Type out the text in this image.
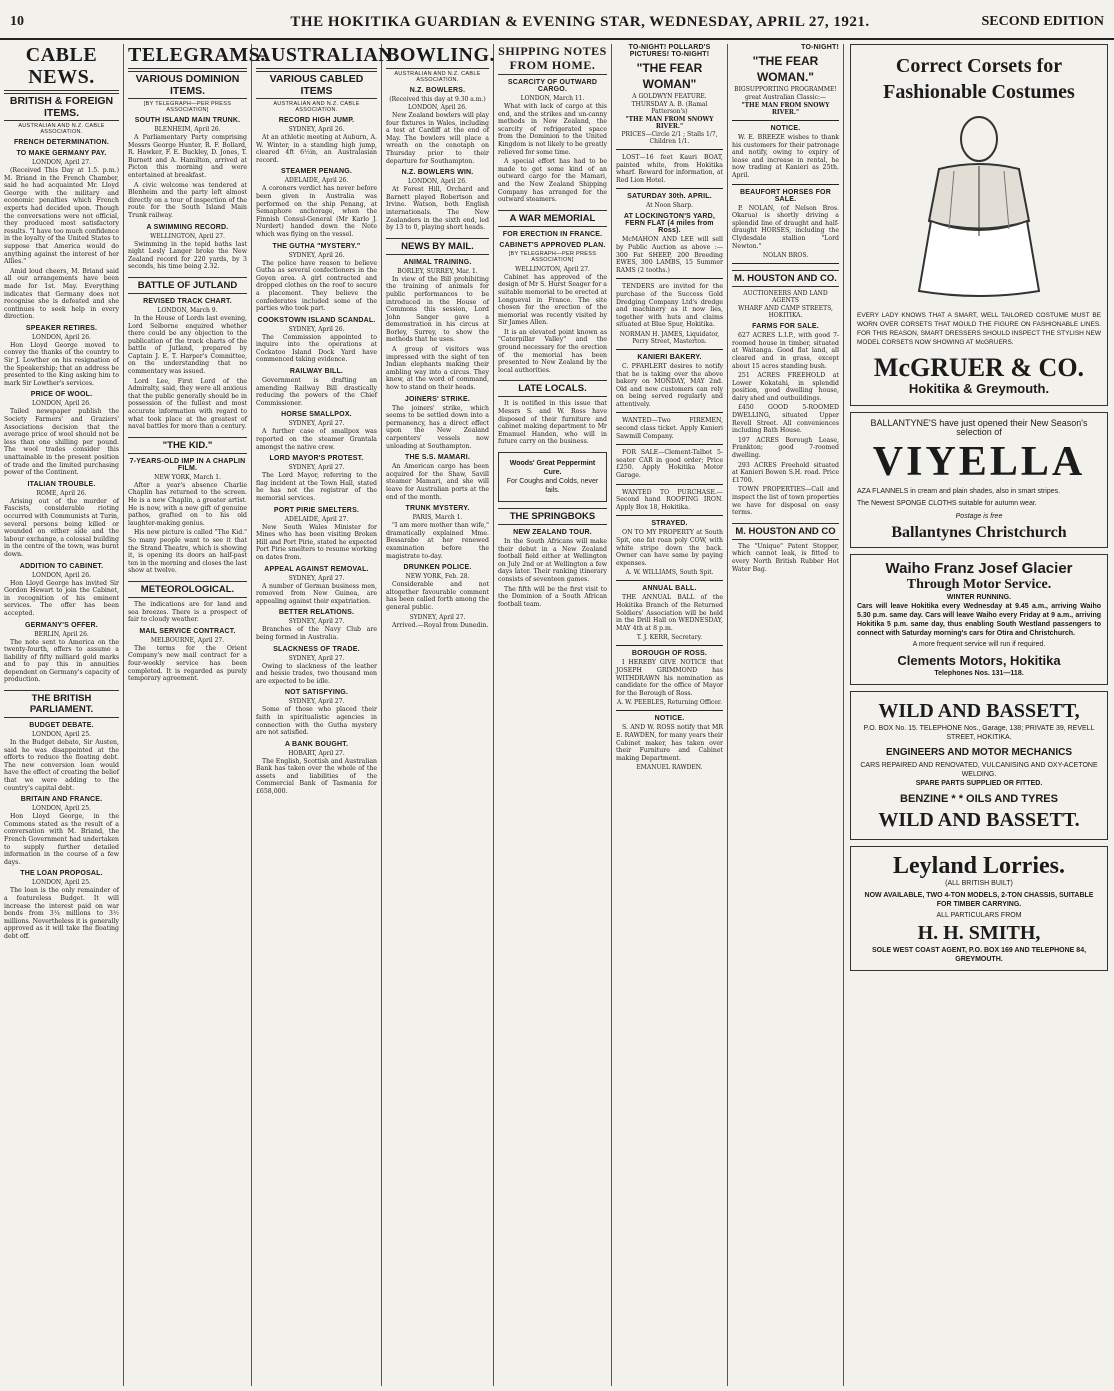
10	THE HOKITIKA GUARDIAN & EVENING STAR, WEDNESDAY, APRIL 27, 1921.	SECOND EDITION
CABLE NEWS.
BRITISH & FOREIGN ITEMS.
AUSTRALIAN AND N.Z. CABLE ASSOCIATION.
FRENCH DETERMINATION.
TO MAKE GERMANY PAY.
LONDON, April 27.

(Received This Day at 1.5. p.m.) M. Briand in the French Chamber, said he had acquainted Mr. Lloyd George with the military and economic penalties which French experts had decided upon. Though the conversations were not official, they produced most satisfactory results. "I have too much confidence in the loyalty of the United States to suppose that America would do anything against the interest of her Allies."

Amid loud cheers, M. Briand said all our arrangements have been made for 1st. May. Everything indicates that Germany does not recognise she is defeated and she continues to seek help in every direction.

SPEAKER RETIRES.
LONDON, April 26.

Hon Lloyd George moved to convey the thanks of the country to Sir J. Lowther on his resignation of the Speakership; that an address be presented to the King asking him to mark Sir Lowther's services.

PRICE OF WOOL.
LONDON, April 26.

Tailed newspaper publish the Society Farmers' and Graziers' Associations decision that the average price of wool should not be less than one shilling per pound. The wool trades consider this unattainable in the present position of trade and the limited purchasing power of the Continent.

ITALIAN TROUBLE.
ROME, April 26.

Arising out of the murder of Fascists, considerable rioting occurred with Communists at Turin, several persons being killed or wounded on either side and the labour exchange, a colossal building in the centre of the town, was burnt down.

ADDITION TO CABINET.
LONDON, April 26.

Hon Lloyd George has invited Sir Gordon Hewart to join the Cabinet, in recognition of his eminent services. The offer has been accepted.

GERMANY'S OFFER.
BERLIN, April 26.

The note sent to America on the twenty-fourth, offers to assume a liability of fifty milliard gold marks and to pay this in annuities dependent on Germany's capacity of production.

THE BRITISH PARLIAMENT.
BUDGET DEBATE.
LONDON, April 25.

In the Budget debate, Sir Austen, said he was disappointed at the efforts to reduce the floating debt. The new conversion loan would have the effect of creating the belief that we were adding to the country's capital debt.

BRITAIN AND FRANCE.
LONDON, April 25.

Hon Lloyd George, in the Commons stated as the result of a conversation with M. Briand, the French Government had undertaken to supply further detailed information in the course of a few days.

THE LOAN PROPOSAL.
LONDON, April 25.

The loan is the only remainder of a featureless Budget. It will increase the interest paid on war bonds from 3¼ millions to 3½ millions. Nevertheless it is generally approved as it will take the floating debt off.

TELEGRAMS.
VARIOUS DOMINION ITEMS.
[BY TELEGRAPH—PER PRESS ASSOCIATION]
SOUTH ISLAND MAIN TRUNK.
BLENHEIM, April 26.

A Parliamentary Party comprising Messrs George Hunter, R. F. Bollard, R. Hawker, F. E. Buckley, D. Jones, T. Burnett and A. Hamilton, arrived at Picton this morning and were entertained at breakfast.

A civic welcome was tendered at Blenheim and the party left almost directly on a tour of inspection of the route for the South Island Main Trunk railway.

A SWIMMING RECORD.
WELLINGTON, April 27.

Swimming in the tepid baths last night Lesly Langer broke the New Zealand record for 220 yards, by 3 seconds, his time being 2.32.

BATTLE OF JUTLAND
REVISED TRACK CHART.
LONDON, March 9.

In the House of Lords last evening, Lord Selborne enquired whether there could be any objection to the publication of the track charts of the battle of Jutland, prepared by Captain J. E. T. Harper's Committee, on the understanding that no commentary was issued.

Lord Lee, First Lord of the Admiralty, said, they were all anxious that the public generally should be in possession of the fullest and most accurate information with regard to what took place at the greatest of naval battles for more than a century.

"THE KID."
7-YEARS-OLD IMP IN A CHAPLIN FILM.
NEW YORK, March 1.

After a year's absence Charlie Chaplin has returned to the screen. He is a new Chaplin, a greater artist. He is now, with a new gift of genuine pathos, grafted on to his old laughter-making genius.

His new picture is called "The Kid." So many people want to see it that the Strand Theatre, which is showing it, is opening its doors an half-past ten in the morning and closes the last show at twelve.

METEOROLOGICAL.

The indications are for land and sea breezes. There is a prospect of fair to cloudy weather.

MAIL SERVICE CONTRACT.
MELBOURNE, April 27.

The terms for the Orient Company's new mail contract for a four-weekly service has been completed. It is regarded as purely temporary agreement.

AUSTRALIAN.
VARIOUS CABLED ITEMS
AUSTRALIAN AND N.Z. CABLE ASSOCIATION.
RECORD HIGH JUMP.
SYDNEY, April 26.

At an athletic meeting at Auburn, A. W. Winter, in a standing high jump, cleared 4ft 6½in, an Australasian record.

STEAMER PENANG.
ADELAIDE, April 26.

A coroners verdict has never before been given in Australia was performed on the ship Penang, at Semaphore anchorage, when the Finnish Consul-General (Mr Karlo J. Nurdert) handed down the Note which was flying on the vessel.

THE GUTHA "MYSTERY."
SYDNEY, April 26.

The police have reason to believe Gutha as several confectioners in the Goyen area. A girl contracted and dropped clothes on the roof to secure a placement. They believe the confederates included some of the parties who took part.

COOKSTOWN ISLAND SCANDAL.
SYDNEY, April 26.

The Commission appointed to inquire into the operations at Cockatoo Island Dock Yard have commenced taking evidence.

RAILWAY BILL.

Government is drafting an amending Railway Bill drastically reducing the powers of the Chief Commissioner.

HORSE SMALLPOX.
SYDNEY, April 27.

A further case of smallpox was reported on the steamer Grantala amongst the native crew.

LORD MAYOR'S PROTEST.
SYDNEY, April 27.

The Lord Mayor, referring to the flag incident at the Town Hall, stated he has not the registrar of the memorial services.

PORT PIRIE SMELTERS.
ADELAIDE, April 27.

New South Wales Minister for Mines who has been visiting Broken Hill and Port Pirie, stated he expected Port Pirie smelters to resume working on dates from.

APPEAL AGAINST REMOVAL.
SYDNEY, April 27.

A number of German business men, removed from New Guinea, are appealing against their expatriation.

BETTER RELATIONS.
SYDNEY, April 27.

Branches of the Navy Club are being formed in Australia.

SLACKNESS OF TRADE.
SYDNEY, April 27.

Owing to slackness of the leather and hessie trades, two thousand men are expected to be idle.

NOT SATISFYING.
SYDNEY, April 27.

Some of those who placed their faith in spiritualistic agencies in connection with the Gutha mystery are not satisfied.

A BANK BOUGHT.
HOBART, April 27.

The English, Scottish and Australian Bank has taken over the whole of the assets and liabilities of the Commercial Bank of Tasmania for £658,000.

BOWLING.
AUSTRALIAN AND N.Z. CABLE ASSOCIATION.
N.Z. BOWLERS.
(Received this day at 9.30 a.m.)
LONDON, April 26.

New Zealand bowlers will play four fixtures in Wales, including a test at Cardiff at the end of May. The bowlers will place a wreath on the cenotaph on Thursday prior to their departure for Southampton.

N.Z. BOWLERS WIN.
LONDON, April 26.

At Forest Hill, Orchard and Barnett played Robertson and Irvine. Watson, both English internationals. The New Zealanders in the sixth end, led by 13 to 0, playing short heads.

NEWS BY MAIL.
ANIMAL TRAINING.
BORLEY, SURREY, Mar. 1.

In view of the Bill prohibiting the training of animals for public performances to be introduced in the House of Commons this session, Lord John Sanger gave a demonstration in his circus at Borley, Surrey, to show the methods that he uses.

A group of visitors was impressed with the sight of ten Indian elephants making their ambling way into a circus. They knew, at the word of command, how to stand on their heads.

JOINERS' STRIKE.

The joiners' strike, which seems to be settled down into a permanency, has a direct effect upon the New Zealand carpenters' vessels now unloading at Southampton.

THE S.S. MAMARI.

An American cargo has been acquired for the Shaw, Savill steamer Mamari, and she will leave for Australian ports at the end of the month.

TRUNK MYSTERY.
PARIS, March 1.

"I am more mother than wife," dramatically explained Mme. Bessarabo at her renewed examination before the magistrate to-day.

DRUNKEN POLICE.
NEW YORK, Feb. 28.

Considerable and not altogether favourable comment has been called forth among the general public.

SYDNEY, April 27.

Arrived.—Royal from Dunedin.

SHIPPING NOTES FROM HOME.
SCARCITY OF OUTWARD CARGO.
LONDON, March 11.

What with lack of cargo at this end, and the strikes and un-canny methods in New Zealand, the scarcity of refrigerated space from the Dominion to the United Kingdom is not likely to be greatly relieved for some time.

A special effort has had to be made to get some kind of an outward cargo for the Mamari, and the New Zealand Shipping Company has arranged for the outward steamers.

A WAR MEMORIAL
FOR ERECTION IN FRANCE.
CABINET'S APPROVED PLAN.
[BY TELEGRAPH—PER PRESS ASSOCIATION]
WELLINGTON, April 27.

Cabinet has approved of the design of Mr S. Hurst Seager for a suitable memorial to be erected at Longueval in France. The site chosen for the erection of the memorial was recently visited by Sir James Allen.

It is an elevated point known as "Caterpillar Valley" and the ground necessary for the erection of the memorial has been presented to New Zealand by the local authorities.

LATE LOCALS.

It is notified in this issue that Messrs S. and W. Ross have disposed of their furniture and cabinet making department to Mr Emanuel Handen, who will in future carry on the business.

Woods' Great Peppermint Cure.
For Coughs and Colds, never fails.
THE SPRINGBOKS
NEW ZEALAND TOUR.

In the South Africans will make their debut in a New Zealand football field either at Wellington on July 2nd or at Wellington a few days later. Their ranking itinerary consists of seventeen games.

The fifth will be the first visit to the Dominion of a South African football team.

TO-NIGHT! POLLARD'S PICTURES! TO-NIGHT!
"THE FEAR WOMAN"
A GOLDWYN FEATURE.
THURSDAY A. B. (Ramal Patterson's)
"THE MAN FROM SNOWY RIVER."
PRICES—Circle 2/1 ; Stalls 1/7, Children 1/1.

LOST—16 feet Kauri BOAT, painted white, from Hokitika wharf. Reward for information, at Red Lion Hotel.

SATURDAY 30th. APRIL.
At Noon Sharp.
AT LOCKINGTON'S YARD, FERN FLAT (4 miles from Ross).

McMAHON AND LEE will sell by Public Auction as above :— 300 Fat SHEEP, 200 Breeding EWES, 300 LAMBS, 15 Summer RAMS (2 tooths.)

TENDERS are invited for the purchase of the Success Gold Dredging Company Ltd's dredge and machinery as it now lies, together with huts and claims situated at Blue Spur, Hokitika.

NORMAN H. JAMES, Liquidator, Perry Street, Masterton.
KANIERI BAKERY.

C. PFAHLERT desires to notify that he is taking over the above bakery on MONDAY, MAY 2nd. Old and new customers can rely on being served regularly and attentively.

WANTED—Two FIREMEN, second class ticket. Apply Kanieri Sawmill Company.

FOR SALE—Clement-Talbot 5-seater CAR in good order; Price £250. Apply Hokitika Motor Garage.

WANTED TO PURCHASE.—Second hand ROOFING IRON. Apply Box 18, Hokitika.

STRAYED.

ON TO MY PROPERTY at South Spit, one fat roan poly COW, with white stripe down the back. Owner can have same by paying expenses.

A. W. WILLIAMS, South Spit.
ANNUAL BALL.

THE ANNUAL BALL of the Hokitika Branch of the Returned Soldiers' Association will be held in the Drill Hall on WEDNESDAY, MAY 4th at 8 p.m.

T. J. KERR, Secretary.
BOROUGH OF ROSS.

I HEREBY GIVE NOTICE that JOSEPH GRIMMOND has WITHDRAWN his nomination as candidate for the office of Mayor for the Borough of Ross.

A. W. PEEBLES, Returning Officer.
NOTICE.

S. AND W. ROSS notify that MR E. RAWDEN, for many years their Cabinet maker, has taken over their Furniture and Cabinet making Department.

EMANUEL RAWDEN.
TO-NIGHT!
"THE FEAR WOMAN."
BIGSUPPORTING PROGRAMME!
great Australian Classic:—
"THE MAN FROM SNOWY RIVER."
NOTICE.

W. E. BREEZE wishes to thank his customers for their patronage and notify, owing to expiry of lease and increase in rental, he now trading at Kanieri as 25th. April.

BEAUFORT HORSES FOR SALE.

P. NOLAN, (of Nelson Bros. Okarua) is shortly driving a splendid line of draught and half-draught HORSES, including the Clydesdale stallion "Lord Newton."

NOLAN BROS.
M. HOUSTON AND CO.
AUCTIONEERS AND LAND AGENTS
WHARF AND CAMP STREETS, HOKITIKA.
FARMS FOR SALE.

627 ACRES L.I.P., with good 7-roomed house in timber, situated at Waitanga. Good flat land, all cleared and in grass, except about 15 acres standing bush.

251 ACRES FREEHOLD at Lower Kokatahi, in splendid position, good dwelling house, dairy shed and outbuildings.

£450 GOOD 5-ROOMED DWELLING, situated Upper Revell Street. All conveniences including Bath House.

197 ACRES Borough Lease, Frankton; good 7-roomed dwelling.

293 ACRES Freehold situated at Kanieri Bowen S.H. road. Price £1700.

TOWN PROPERTIES—Call and inspect the list of town properties we have for disposal on easy terms.

M. HOUSTON AND CO

The "Unique" Patent Stopper, which cannot leak, is fitted to every North British Rubber Hot Water Bag.

Correct Corsets for
Fashionable Costumes
EVERY LADY KNOWS THAT A SMART, WELL TAILORED COSTUME MUST BE WORN OVER CORSETS THAT MOULD THE FIGURE ON FASHIONABLE LINES. FOR THIS REASON, SMART DRESSERS SHOULD INSPECT THE STYLISH NEW MODEL CORSETS NOW SHOWING AT McGRUERS.
McGRUER & CO.
Hokitika & Greymouth.
BALLANTYNE'S have just opened their New Season's selection of
VIYELLA
AZA FLANNELS in cream and plain shades, also in smart stripes.
The Newest SPONGE CLOTHS suitable for autumn wear.
Postage is free
Ballantynes Christchurch
Waiho Franz Josef Glacier
Through Motor Service.
WINTER RUNNING.
Cars will leave Hokitika every Wednesday at 9.45 a.m., arriving Waiho 5.30 p.m. same day. Cars will leave Waiho every Friday at 9 a.m., arriving Hokitika 5 p.m. same day, thus enabling South Westland passengers to connect with Saturday morning's cars for Otira and Christchurch.
A more frequent service will run if required.
Clements Motors, Hokitika
Telephones Nos. 131—118.
WILD AND BASSETT,
P.O. BOX No. 15. TELEPHONE Nos., Garage, 138; PRIVATE 39, REVELL STREET, HOKITIKA.
ENGINEERS AND MOTOR MECHANICS
CARS REPAIRED AND RENOVATED, VULCANISING AND OXY-ACETONE WELDING.
SPARE PARTS SUPPLIED OR FITTED.
BENZINE * * OILS AND TYRES
WILD AND BASSETT.
Leyland Lorries.
(ALL BRITISH BUILT)
NOW AVAILABLE, TWO 4-TON MODELS, 2-TON CHASSIS, SUITABLE FOR TIMBER CARRYING.
ALL PARTICULARS FROM
H. H. SMITH,
SOLE WEST COAST AGENT, P.O. BOX 169 AND TELEPHONE 84, GREYMOUTH.
